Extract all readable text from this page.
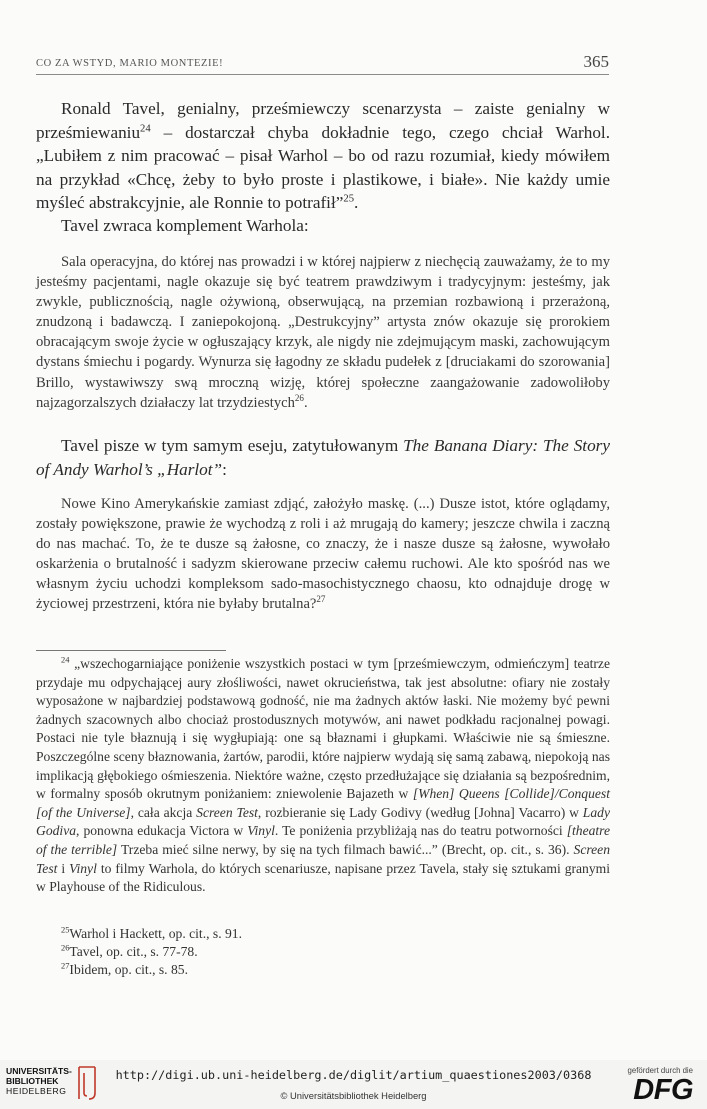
CO ZA WSTYD, MARIO MONTEZIE!	365

Ronald Tavel, genialny, prześmiewczy scenarzysta – zaiste genialny w prześmiewaniu$^{24}$ – dostarczał chyba dokładnie tego, czego chciał Warhol. „Lubiłem z nim pracować – pisał Warhol – bo od razu rozumiał, kiedy mówiłem na przykład «Chcę, żeby to było proste i plastikowe, i białe». Nie każdy umie myśleć abstrakcyjnie, ale Ronnie to potrafił”$^{25}$.

Tavel zwraca komplement Warhola:

Sala operacyjna, do której nas prowadzi i w której najpierw z niechęcią zauważamy, że to my jesteśmy pacjentami, nagle okazuje się być teatrem prawdziwym i tradycyjnym: jesteśmy, jak zwykle, publicznością, nagle ożywioną, obserwującą, na przemian rozbawioną i przerażoną, znudzoną i badawczą. I zaniepokojoną. „Destrukcyjny” artysta znów okazuje się prorokiem obracającym swoje życie w ogłuszający krzyk, ale nigdy nie zdejmującym maski, zachowującym dystans śmiechu i pogardy. Wynurza się łagodny ze składu pudełek z [druciakami do szorowania] Brillo, wystawiwszy swą mroczną wizję, której społeczne zaangażowanie zadowoliłoby najzagorzalszych działaczy lat trzydziestych$^{26}$.

Tavel pisze w tym samym eseju, zatytułowanym The Banana Diary: The Story of Andy Warhol’s „Harlot”:

Nowe Kino Amerykańskie zamiast zdjąć, założyło maskę. (...) Dusze istot, które oglądamy, zostały powiększone, prawie że wychodzą z roli i aż mrugają do kamery; jeszcze chwila i zaczną do nas machać. To, że te dusze są żałosne, co znaczy, że i nasze dusze są żałosne, wywołało oskarżenia o brutalność i sadyzm skierowane przeciw całemu ruchowi. Ale kto spośród nas we własnym życiu uchodzi kompleksom sado-masochistycznego chaosu, kto odnajduje drogę w życiowej przestrzeni, która nie byłaby brutalna?$^{27}$

$^{24}$ „wszechogarniające poniżenie wszystkich postaci w tym [prześmiewczym, odmieńczym] teatrze przydaje mu odpychającej aury złośliwości, nawet okrucieństwa, tak jest absolutne: ofiary nie zostały wyposażone w najbardziej podstawową godność, nie ma żadnych aktów łaski. Nie możemy być pewni żadnych szacownych albo chociaż prostodusznych motywów, ani nawet podkładu racjonalnej powagi. Postaci nie tyle błaznują i się wygłupiają: one są błaznami i głupkami. Właściwie nie są śmieszne. Poszczególne sceny błaznowania, żartów, parodii, które najpierw wydają się samą zabawą, niepokoją nas implikacją głębokiego ośmieszenia. Niektóre ważne, często przedłużające się działania są bezpośrednim, w formalny sposób okrutnym poniżaniem: zniewolenie Bajazeth w [When] Queens [Collide]/Conquest [of the Universe], cała akcja Screen Test, rozbieranie się Lady Godivy (według [Johna] Vacarro) w Lady Godiva, ponowna edukacja Victora w Vinyl. Te poniżenia przybliżają nas do teatru potworności [theatre of the terrible] Trzeba mieć silne nerwy, by się na tych filmach bawić...” (Brecht, op. cit., s. 36). Screen Test i Vinyl to filmy Warhola, do których scenariusze, napisane przez Tavela, stały się sztukami granymi w Playhouse of the Ridiculous.

$^{25}$Warhol i Hackett, op. cit., s. 91.

$^{26}$Tavel, op. cit., s. 77-78.

$^{27}$Ibidem, op. cit., s. 85.

UNIVERSITÄTS-
BIBLIOTHEK
HEIDELBERG
http://digi.ub.uni-heidelberg.de/diglit/artium_quaestiones2003/0368
© Universitätsbibliothek Heidelberg
gefördert durch die
DFG
